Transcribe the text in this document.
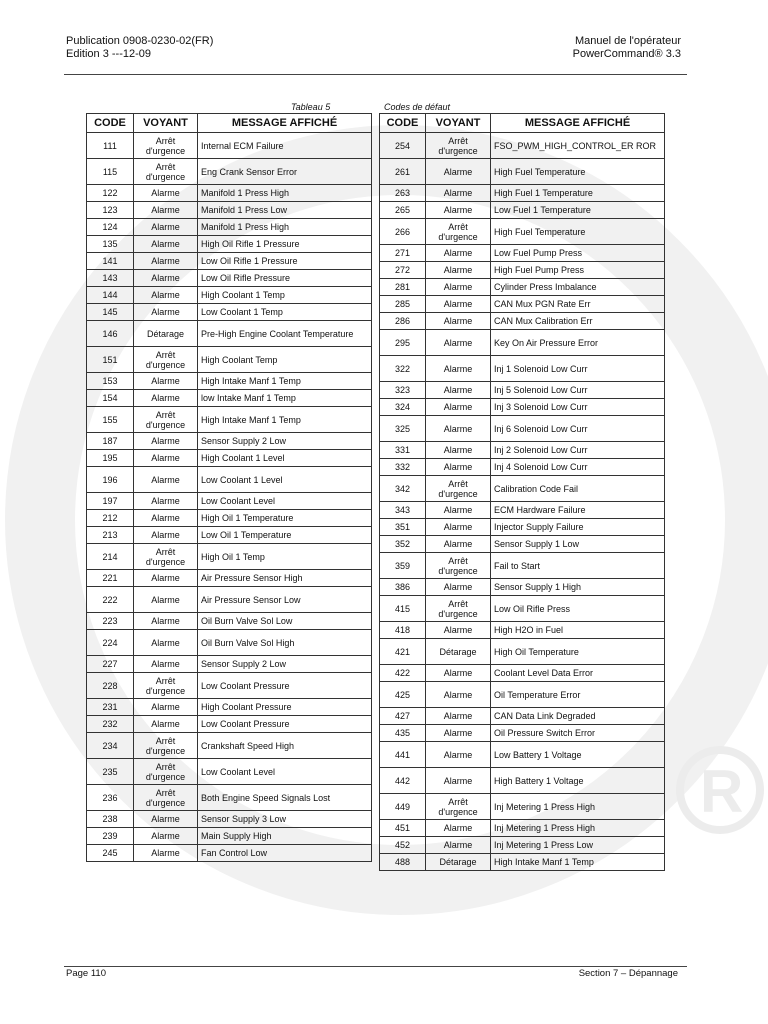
R
Publication 0908-0230-02(FR)
Edition 3 ---12-09
Manuel de l'opérateur
PowerCommand® 3.3
Tableau 5	Codes de défaut
CODE	VOYANT	MESSAGE AFFICHÉ
111	Arrêt d'urgence	Internal ECM Failure
115	Arrêt d'urgence	Eng Crank Sensor Error
122	Alarme	Manifold 1 Press High
123	Alarme	Manifold 1 Press Low
124	Alarme	Manifold 1 Press High
135	Alarme	High Oil Rifle 1 Pressure
141	Alarme	Low Oil Rifle 1 Pressure
143	Alarme	Low Oil Rifle Pressure
144	Alarme	High Coolant 1 Temp
145	Alarme	Low Coolant 1 Temp
146	Détarage	Pre-High Engine Coolant Temperature
151	Arrêt d'urgence	High Coolant Temp
153	Alarme	High Intake Manf 1 Temp
154	Alarme	low Intake Manf 1 Temp
155	Arrêt d'urgence	High Intake Manf 1 Temp
187	Alarme	Sensor Supply 2 Low
195	Alarme	High Coolant 1 Level
196	Alarme	Low Coolant 1 Level
197	Alarme	Low Coolant Level
212	Alarme	High Oil 1 Temperature
213	Alarme	Low Oil 1 Temperature
214	Arrêt d'urgence	High Oil 1 Temp
221	Alarme	Air Pressure Sensor High
222	Alarme	Air Pressure Sensor Low
223	Alarme	Oil Burn Valve Sol Low
224	Alarme	Oil Burn Valve Sol High
227	Alarme	Sensor Supply 2 Low
228	Arrêt d'urgence	Low Coolant Pressure
231	Alarme	High Coolant Pressure
232	Alarme	Low Coolant Pressure
234	Arrêt d'urgence	Crankshaft Speed High
235	Arrêt d'urgence	Low Coolant Level
236	Arrêt d'urgence	Both Engine Speed Signals Lost
238	Alarme	Sensor Supply 3 Low
239	Alarme	Main Supply High
245	Alarme	Fan Control Low
CODE	VOYANT	MESSAGE AFFICHÉ
254	Arrêt d'urgence	FSO_PWM_HIGH_CONTROL_ER ROR
261	Alarme	High Fuel Temperature
263	Alarme	High Fuel 1 Temperature
265	Alarme	Low Fuel 1 Temperature
266	Arrêt d'urgence	High Fuel Temperature
271	Alarme	Low Fuel Pump Press
272	Alarme	High Fuel Pump Press
281	Alarme	Cylinder Press Imbalance
285	Alarme	CAN Mux PGN Rate Err
286	Alarme	CAN Mux Calibration Err
295	Alarme	Key On Air Pressure Error
322	Alarme	Inj 1 Solenoid Low Curr
323	Alarme	Inj 5 Solenoid Low Curr
324	Alarme	Inj 3 Solenoid Low Curr
325	Alarme	Inj 6 Solenoid Low Curr
331	Alarme	Inj 2 Solenoid Low Curr
332	Alarme	Inj 4 Solenoid Low Curr
342	Arrêt d'urgence	Calibration Code Fail
343	Alarme	ECM Hardware Failure
351	Alarme	Injector Supply Failure
352	Alarme	Sensor Supply 1 Low
359	Arrêt d'urgence	Fail to Start
386	Alarme	Sensor Supply 1 High
415	Arrêt d'urgence	Low Oil Rifle Press
418	Alarme	High H2O in Fuel
421	Détarage	High Oil Temperature
422	Alarme	Coolant Level Data Error
425	Alarme	Oil Temperature Error
427	Alarme	CAN Data Link Degraded
435	Alarme	Oil Pressure Switch Error
441	Alarme	Low Battery 1 Voltage
442	Alarme	High Battery 1 Voltage
449	Arrêt d'urgence	Inj Metering 1 Press High
451	Alarme	Inj Metering 1 Press High
452	Alarme	Inj Metering 1 Press Low
488	Détarage	High Intake Manf 1 Temp
Page 110	Section 7 – Dépannage
